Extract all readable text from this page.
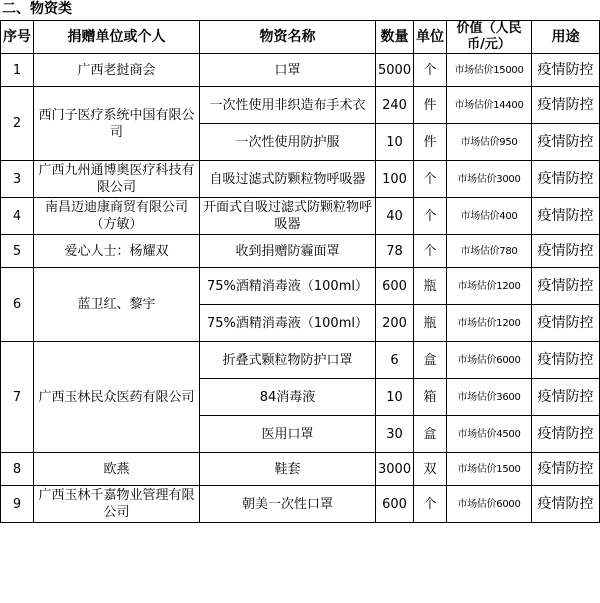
二、物资类
序号	捐赠单位或个人	物资名称	数量	单位	价值（人民币/元）	用途
1	广西老挝商会	口罩	5000	个	市场估价15000	疫情防控
2	西门子医疗系统中国有限公司	一次性使用非织造布手术衣	240	件	市场估价14400	疫情防控
		一次性使用防护服	10	件	市场估价950	疫情防控
3	广西九州通博奥医疗科技有限公司	自吸过滤式防颗粒物呼吸器	100	个	市场估价3000	疫情防控
4	南昌迈迪康商贸有限公司（方敏）	开面式自吸过滤式防颗粒物呼吸器	40	个	市场估价400	疫情防控
5	爱心人士：杨耀双	收到捐赠防霾面罩	78	个	市场估价780	疫情防控
6	蓝卫红、黎宇	75%酒精消毒液（100ml）	600	瓶	市场估价1200	疫情防控
		75%酒精消毒液（100ml）	200	瓶	市场估价1200	疫情防控
7	广西玉林民众医药有限公司	折叠式颗粒物防护口罩	6	盒	市场估价6000	疫情防控
		84消毒液	10	箱	市场估价3600	疫情防控
		医用口罩	30	盒	市场估价4500	疫情防控
8	欧燕	鞋套	3000	双	市场估价1500	疫情防控
9	广西玉林千嘉物业管理有限公司	朝美一次性口罩	600	个	市场估价6000	疫情防控
